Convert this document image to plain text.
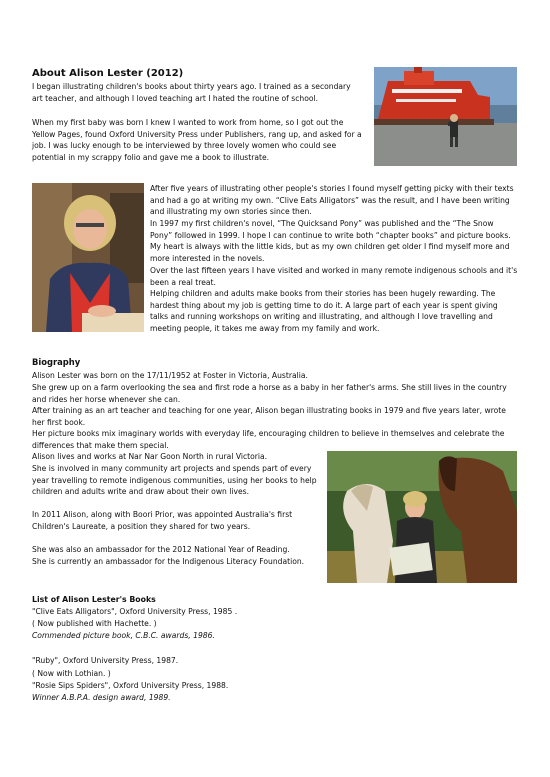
About Alison Lester (2012)

I began illustrating children's books about thirty years ago. I trained as a secondary art teacher, and although I loved teaching art I hated the routine of school.

When my first baby was born I knew I wanted to work from home, so I got out the Yellow Pages, found Oxford University Press under Publishers, rang up, and asked for a job. I was lucky enough to be interviewed by three lovely women who could see potential in my scrappy folio and gave me a book to illustrate.

After five years of illustrating other people's stories I found myself getting picky with their texts and had a go at writing my own. “Clive Eats Alligators” was the result, and I have been writing and illustrating my own stories since then.

In 1997 my first children's novel, “The Quicksand Pony” was published and the “The Snow Pony” followed in 1999. I hope I can continue to write both “chapter books” and picture books. My heart is always with the little kids, but as my own children get older I find myself more and more interested in the novels.

Over the last fifteen years I have visited and worked in many remote indigenous schools and it's been a real treat.

Helping children and adults make books from their stories has been hugely rewarding. The hardest thing about my job is getting time to do it. A large part of each year is spent giving talks and running workshops on writing and illustrating, and although I love travelling and meeting people, it takes me away from my family and work.

Biography

Alison Lester was born on the 17/11/1952 at Foster in Victoria, Australia.

She grew up on a farm overlooking the sea and first rode a horse as a baby in her father's arms. She still lives in the country and rides her horse whenever she can.

After training as an art teacher and teaching for one year, Alison began illustrating books in 1979 and five years later, wrote her first book.

Her picture books mix imaginary worlds with everyday life, encouraging children to believe in themselves and celebrate the differences that make them special.

Alison lives and works at Nar Nar Goon North in rural Victoria.

She is involved in many community art projects and spends part of every year travelling to remote indigenous communities, using her books to help children and adults write and draw about their own lives.

In 2011 Alison, along with Boori Prior, was appointed Australia's first Children's Laureate, a position they shared for two years.

She was also an ambassador for the 2012 National Year of Reading.

She is currently an ambassador for the Indigenous Literacy Foundation.

List of Alison Lester's Books

"Clive Eats Alligators", Oxford University Press, 1985 .

( Now published with Hachette. )

Commended picture book, C.B.C. awards, 1986.

"Ruby", Oxford University Press, 1987.

( Now with Lothian. )

"Rosie Sips Spiders", Oxford University Press, 1988.

Winner A.B.P.A. design award, 1989.
